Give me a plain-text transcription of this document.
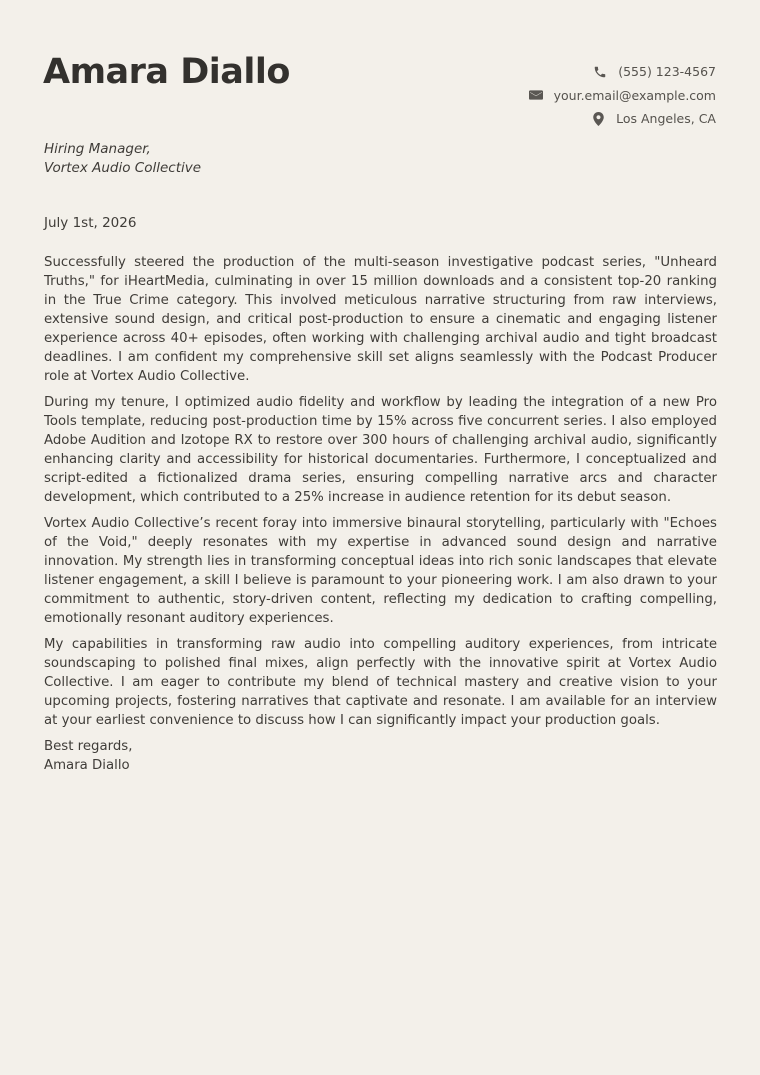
Amara Diallo	(555) 123-4567
your.email@example.com
Los Angeles, CA
Hiring Manager,
Vortex Audio Collective
July 1st, 2026

Successfully steered the production of the multi-season investigative podcast series, "Unheard Truths," for iHeartMedia, culminating in over 15 million downloads and a consistent top-20 ranking in the True Crime category. This involved meticulous narrative structuring from raw interviews, extensive sound design, and critical post-production to ensure a cinematic and engaging listener experience across 40+ episodes, often working with challenging archival audio and tight broadcast deadlines. I am confident my comprehensive skill set aligns seamlessly with the Podcast Producer role at Vortex Audio Collective.

During my tenure, I optimized audio fidelity and workflow by leading the integration of a new Pro Tools template, reducing post-production time by 15% across five concurrent series. I also employed Adobe Audition and Izotope RX to restore over 300 hours of challenging archival audio, significantly enhancing clarity and accessibility for historical documentaries. Furthermore, I conceptualized and script-edited a fictionalized drama series, ensuring compelling narrative arcs and character development, which contributed to a 25% increase in audience retention for its debut season.

Vortex Audio Collective’s recent foray into immersive binaural storytelling, particularly with "Echoes of the Void," deeply resonates with my expertise in advanced sound design and narrative innovation. My strength lies in transforming conceptual ideas into rich sonic landscapes that elevate listener engagement, a skill I believe is paramount to your pioneering work. I am also drawn to your commitment to authentic, story-driven content, reflecting my dedication to crafting compelling, emotionally resonant auditory experiences.

My capabilities in transforming raw audio into compelling auditory experiences, from intricate soundscaping to polished final mixes, align perfectly with the innovative spirit at Vortex Audio Collective. I am eager to contribute my blend of technical mastery and creative vision to your upcoming projects, fostering narratives that captivate and resonate. I am available for an interview at your earliest convenience to discuss how I can significantly impact your production goals.

Best regards,
Amara Diallo
